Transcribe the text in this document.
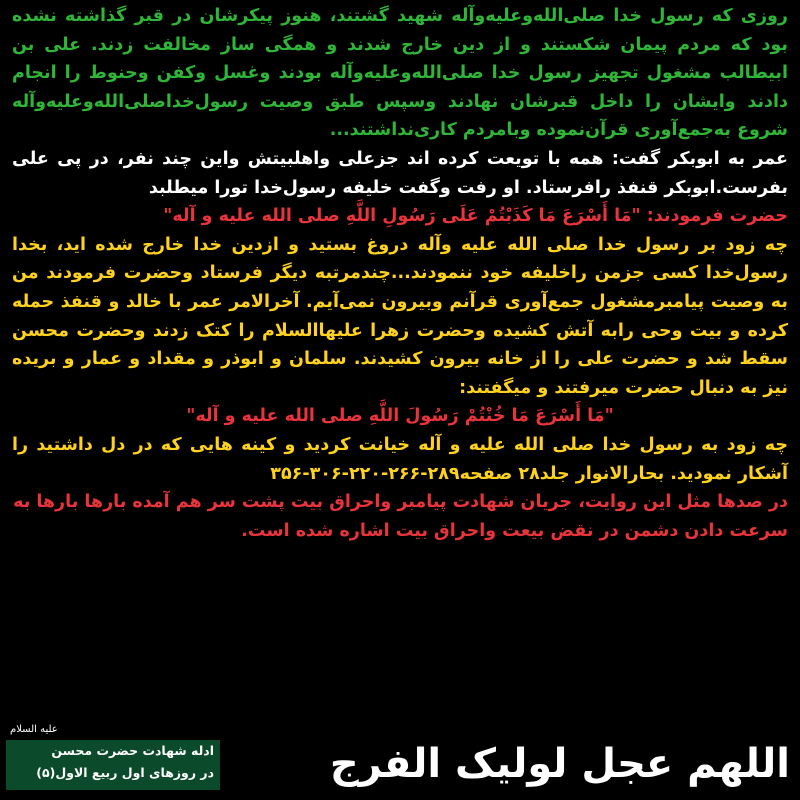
روزی که رسول خدا صلی‌الله‌وعلیه‌وآله شهید گشتند، هنوز پیکرشان در قبر گذاشته نشده بود که مردم پیمان شکستند و از دین خارج شدند و همگی ساز مخالفت زدند. علی بن ابیطالب مشغول تجهیز رسول خدا صلی‌الله‌وعلیه‌وآله بودند وغسل وکفن وحنوط را انجام دادند وایشان را داخل قبرشان نهادند وسپس طبق وصیت رسول‌خداصلی‌الله‌وعلیه‌وآله شروع به‌جمع‌آوری قرآن‌نموده وبامردم کاری‌نداشتند...

عمر به ابوبکر گفت: همه با تویعت کرده اند جزعلی واهلبیتش واین چند نفر، در پی علی بفرست.ابوبکر قنفذ رافرستاد. او رفت وگفت خلیفه رسول‌خدا تورا میطلبد

حضرت فرمودند: "مَا أَسْرَعَ مَا كَذَبْتُمْ عَلَى رَسُولِ اللَّهِ صلی الله علیه و آله"

چه زود بر رسول خدا صلی الله علیه وآله دروغ بستید و ازدین خدا خارج شده اید، بخدا رسول‌خدا کسی جزمن راخلیفه خود ننمودند...چندمرتبه دیگر فرستاد وحضرت فرمودند من به وصیت پیامبرمشغول جمع‌آوری قرآنم وبیرون نمی‌آیم. آخرالامر عمر با خالد و قنفذ حمله کرده و بیت وحی رابه آتش کشیده وحضرت زهرا علیهاالسلام را کتک زدند وحضرت محسن سقط شد و حضرت علی را از خانه بیرون کشیدند. سلمان و ابوذر و مقداد و عمار و بریده نیز به دنبال حضرت میرفتند و میگفتند:

"مَا أَسْرَعَ مَا خُنْتُمْ رَسُولَ اللَّهِ صلی الله علیه و آله"

چه زود به رسول خدا صلی الله علیه و آله خیانت کردید و کینه هایی که در دل داشتید را آشکار نمودید. بحارالانوار جلد۲۸ صفحه۲۸۹-۲۶۶-۲۲۰-۳۰۶-۳۵۶

در صدها مثل این روایت، جریان شهادت پیامبر واحراق بیت پشت سر هم آمده بارها بارها به سرعت دادن دشمن در نقض بیعت واحراق بیت اشاره شده است.

اللهم عجل لولیک الفرج
علیه السلام
ادله شهادت حضرت محسن
در روزهای اول ربیع الاول(۵)
